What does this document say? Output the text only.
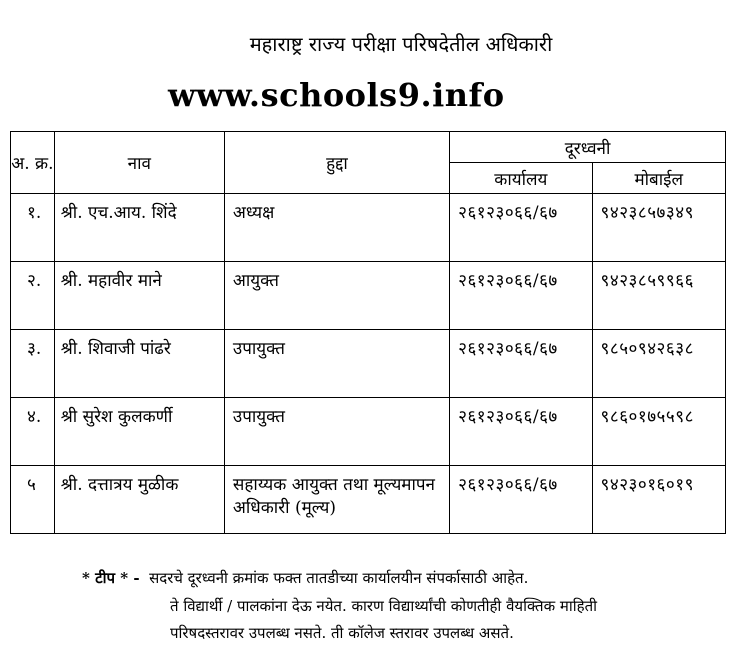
महाराष्ट्र राज्य परीक्षा परिषदेतील अधिकारी
www.schools9.info
अ. क्र.	नाव	हुद्दा	दूरध्वनी	
			कार्यालय	मोबाईल
१.	श्री. एच.आय. शिंदे	अध्यक्ष	२६१२३०६६/६७	९४२३८५७३४९
२.	श्री. महावीर माने	आयुक्त	२६१२३०६६/६७	९४२३८५९९६६
३.	श्री. शिवाजी पांढरे	उपायुक्त	२६१२३०६६/६७	९८५०९४२६३८
४.	श्री सुरेश कुलकर्णी	उपायुक्त	२६१२३०६६/६७	९८६०१७५५९८
५	श्री. दत्तात्रय मुळीक	सहाय्यक आयुक्त तथा मूल्यमापन अधिकारी (मूल्य)	२६१२३०६६/६७	९४२३०१६०१९
* टीप * - सदरचे दूरध्वनी क्रमांक फक्त तातडीच्या कार्यालयीन संपर्कासाठी आहेत.
ते विद्यार्थी / पालकांना देऊ नयेत. कारण विद्यार्थ्यांची कोणतीही वैयक्तिक माहिती
परिषदस्तरावर उपलब्ध नसते. ती कॉलेज स्तरावर उपलब्ध असते.
